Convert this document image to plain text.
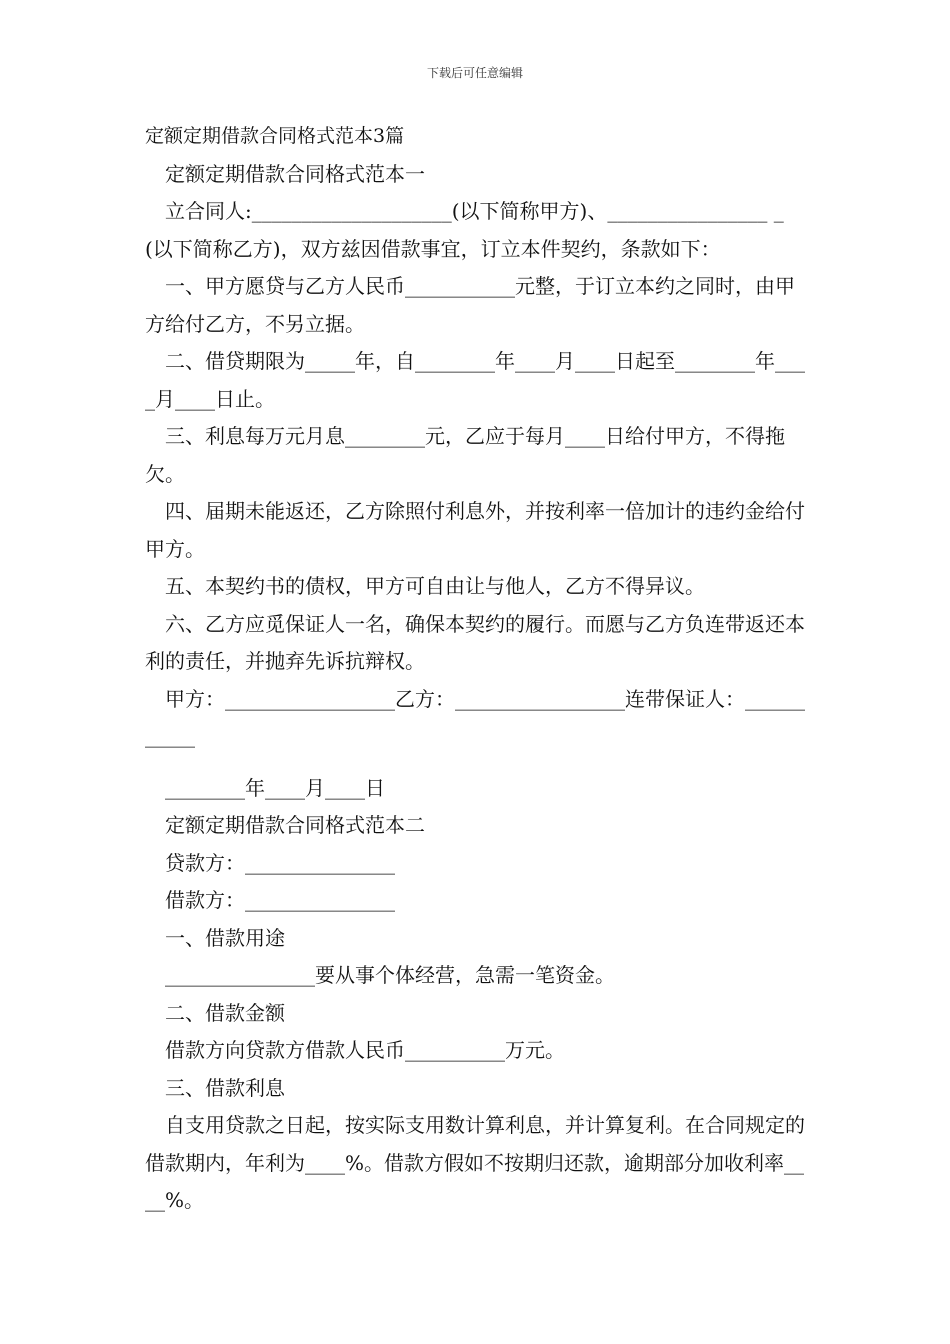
下载后可任意编辑

定额定期借款合同格式范本3篇

　定额定期借款合同格式范本一

　立合同人:____________________(以下简称甲方)、________________ _(以下简称乙方)，双方兹因借款事宜，订立本件契约，条款如下：

　一、甲方愿贷与乙方人民币___________元整，于订立本约之同时，由甲方给付乙方，不另立据。

　二、借贷期限为_____年，自________年____月____日起至________年____月____日止。

　三、利息每万元月息________元，乙应于每月____日给付甲方，不得拖欠。

　四、届期未能返还，乙方除照付利息外，并按利率一倍加计的违约金给付甲方。

　五、本契约书的债权，甲方可自由让与他人，乙方不得异议。

　六、乙方应觅保证人一名，确保本契约的履行。而愿与乙方负连带返还本利的责任，并抛弃先诉抗辩权。

　甲方：_________________乙方：_________________连带保证人：___________

　________年____月____日

　定额定期借款合同格式范本二

　贷款方：_______________

　借款方：_______________

　一、借款用途

　_______________要从事个体经营，急需一笔资金。

　二、借款金额

　借款方向贷款方借款人民币__________万元。

　三、借款利息

　自支用贷款之日起，按实际支用数计算利息，并计算复利。在合同规定的借款期内，年利为____%。借款方假如不按期归还款，逾期部分加收利率____%。
